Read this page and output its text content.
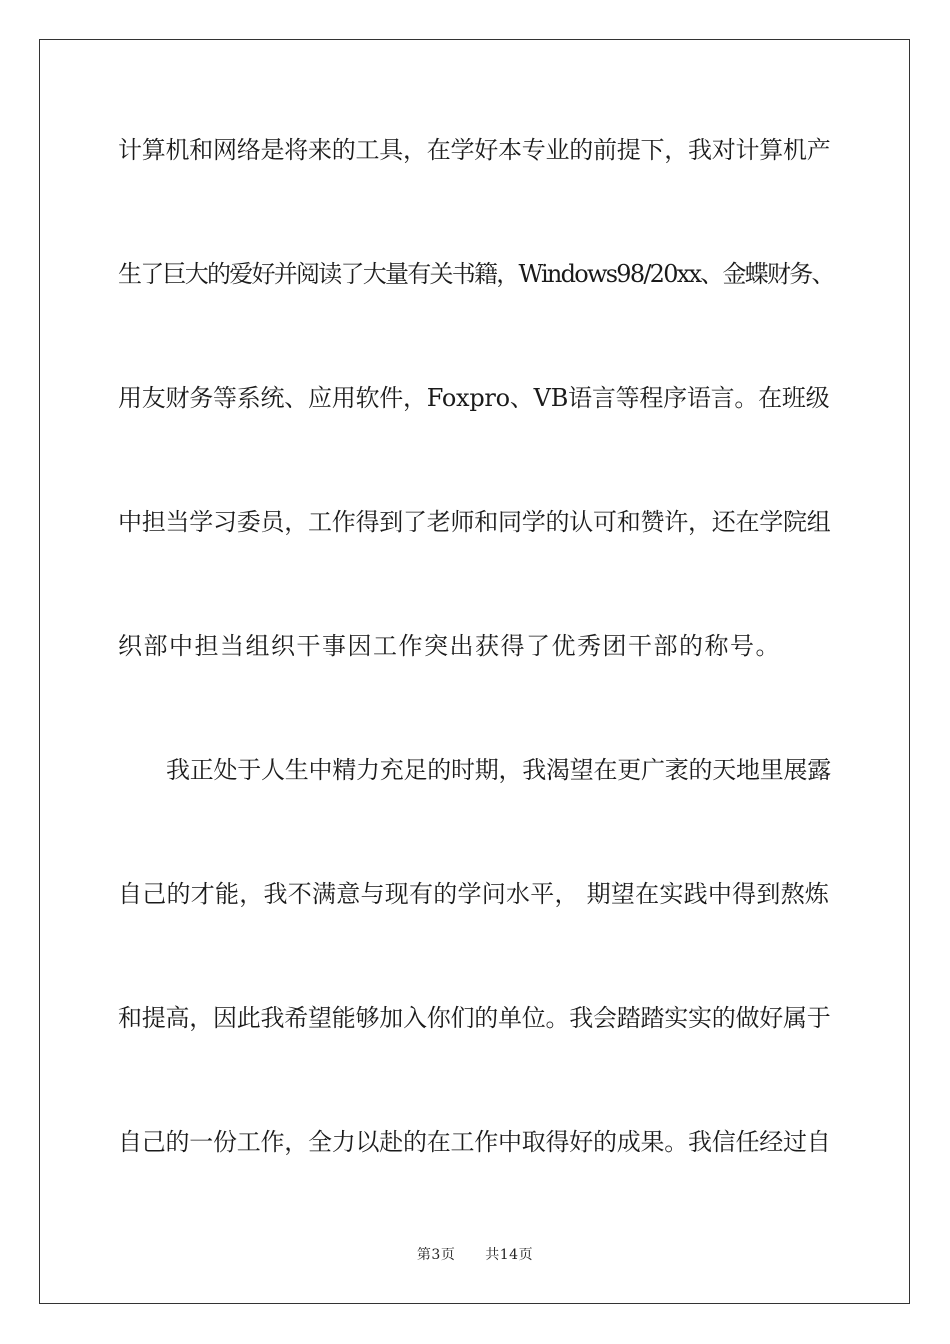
计算机和网络是将来的工具，在学好本专业的前提下，我对计算机产
生了巨大的爱好并阅读了大量有关书籍，Windows98/20xx、金蝶财务、
用友财务等系统、应用软件，Foxpro、VB语言等程序语言。在班级
中担当学习委员，工作得到了老师和同学的认可和赞许，还在学院组
织部中担当组织干事因工作突出获得了优秀团干部的称号。
我正处于人生中精力充足的时期，我渴望在更广袤的天地里展露
自己的才能，我不满意与现有的学问水平， 期望在实践中得到熬炼
和提高，因此我希望能够加入你们的单位。我会踏踏实实的做好属于
自己的一份工作，全力以赴的在工作中取得好的成果。我信任经过自
第3页 共14页
